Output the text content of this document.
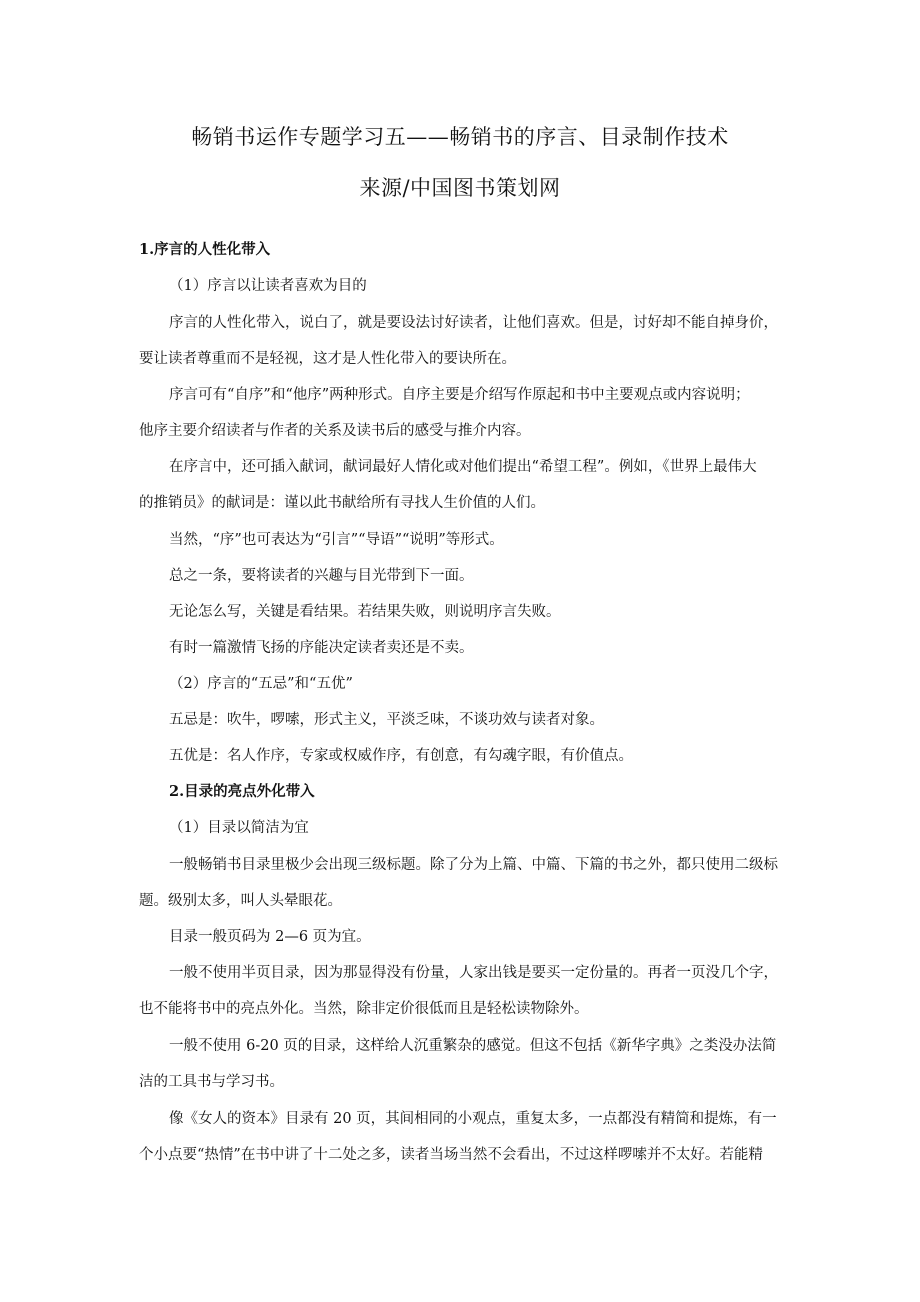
畅销书运作专题学习五——畅销书的序言、目录制作技术
来源/中国图书策划网

1.序言的人性化带入

（1）序言以让读者喜欢为目的

序言的人性化带入，说白了，就是要设法讨好读者，让他们喜欢。但是，讨好却不能自掉身价，

要让读者尊重而不是轻视，这才是人性化带入的要诀所在。

序言可有“自序”和“他序”两种形式。自序主要是介绍写作原起和书中主要观点或内容说明；

他序主要介绍读者与作者的关系及读书后的感受与推介内容。

在序言中，还可插入献词，献词最好人情化或对他们提出“希望工程”。例如，《世界上最伟大

的推销员》的献词是：谨以此书献给所有寻找人生价值的人们。

当然，“序”也可表达为“引言”“导语”“说明”等形式。

总之一条，要将读者的兴趣与目光带到下一面。

无论怎么写，关键是看结果。若结果失败，则说明序言失败。

有时一篇激情飞扬的序能决定读者卖还是不卖。

（2）序言的“五忌”和“五优”

五忌是：吹牛，啰嗦，形式主义，平淡乏味，不谈功效与读者对象。

五优是：名人作序，专家或权威作序，有创意，有勾魂字眼，有价值点。

2.目录的亮点外化带入

（1）目录以简洁为宜

一般畅销书目录里极少会出现三级标题。除了分为上篇、中篇、下篇的书之外，都只使用二级标

题。级别太多，叫人头晕眼花。

目录一般页码为 2—6 页为宜。

一般不使用半页目录，因为那显得没有份量，人家出钱是要买一定份量的。再者一页没几个字，

也不能将书中的亮点外化。当然，除非定价很低而且是轻松读物除外。

一般不使用 6-20 页的目录，这样给人沉重繁杂的感觉。但这不包括《新华字典》之类没办法简

洁的工具书与学习书。

像《女人的资本》目录有 20 页，其间相同的小观点，重复太多，一点都没有精简和提炼，有一

个小点要“热情”在书中讲了十二处之多，读者当场当然不会看出，不过这样啰嗦并不太好。若能精
